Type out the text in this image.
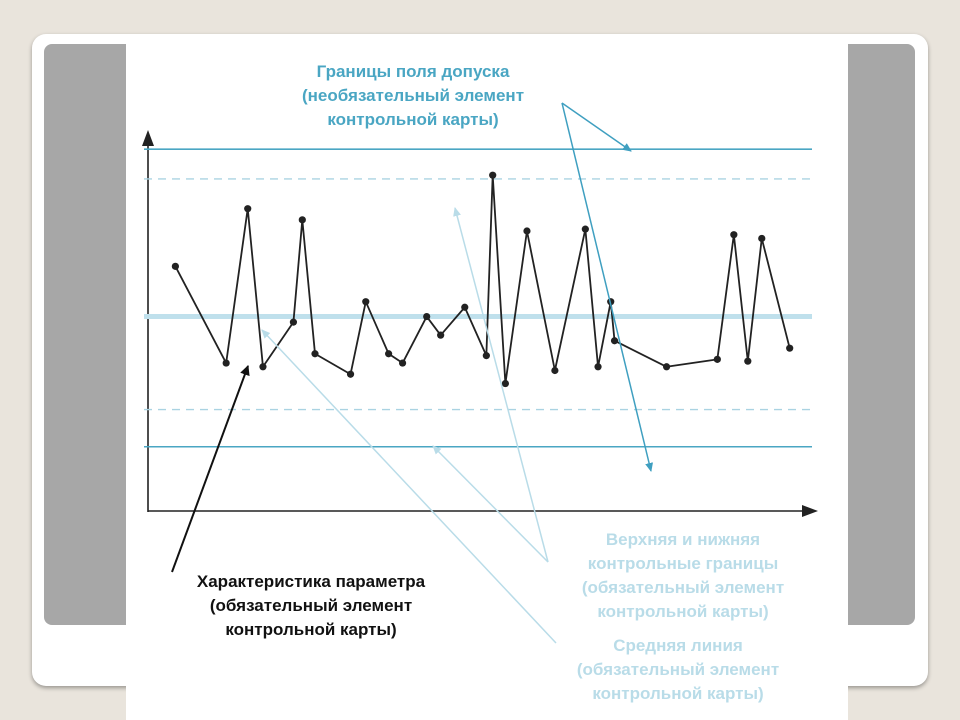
Границы поля допуска
(необязательный элемент
контрольной карты)
Верхняя и нижняя
контрольные границы
(обязательный элемент
контрольной карты)
Средняя линия
(обязательный элемент
контрольной карты)
Характеристика параметра
(обязательный элемент
контрольной карты)
